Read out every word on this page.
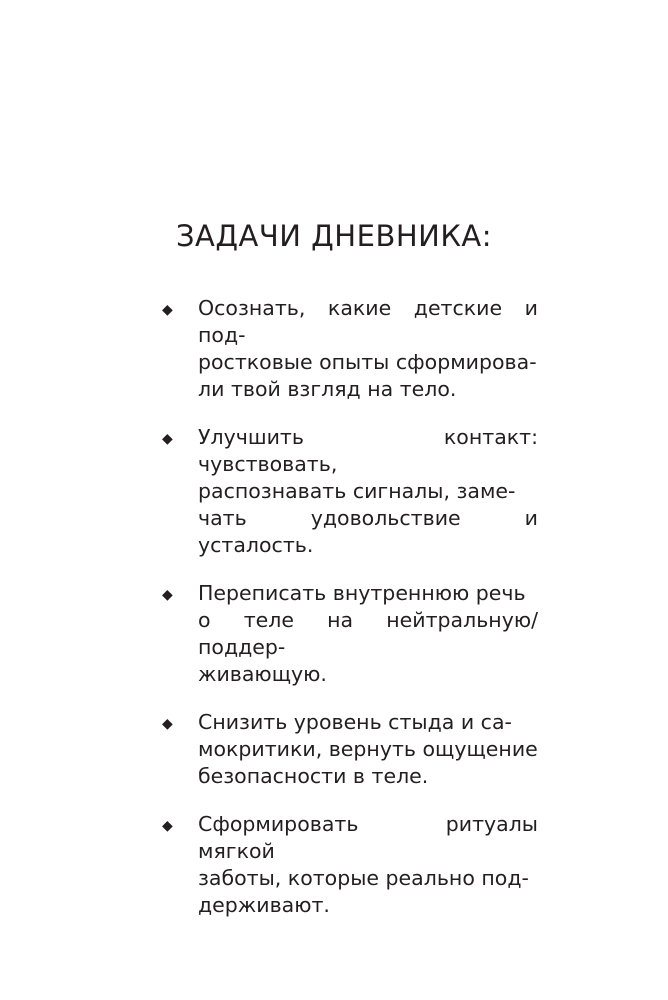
ЗАДАЧИ ДНЕВНИКА:
◆ Осознать, какие детские и под-
ростковые опыты сформирова-
ли твой взгляд на тело.
◆ Улучшить контакт: чувствовать,
распознавать сигналы, заме-
чать удовольствие и усталость.
◆ Переписать внутреннюю речь
о теле на нейтральную/поддер-
живающую.
◆ Снизить уровень стыда и са-
мокритики, вернуть ощущение
безопасности в теле.
◆ Сформировать ритуалы мягкой
заботы, которые реально под-
держивают.
